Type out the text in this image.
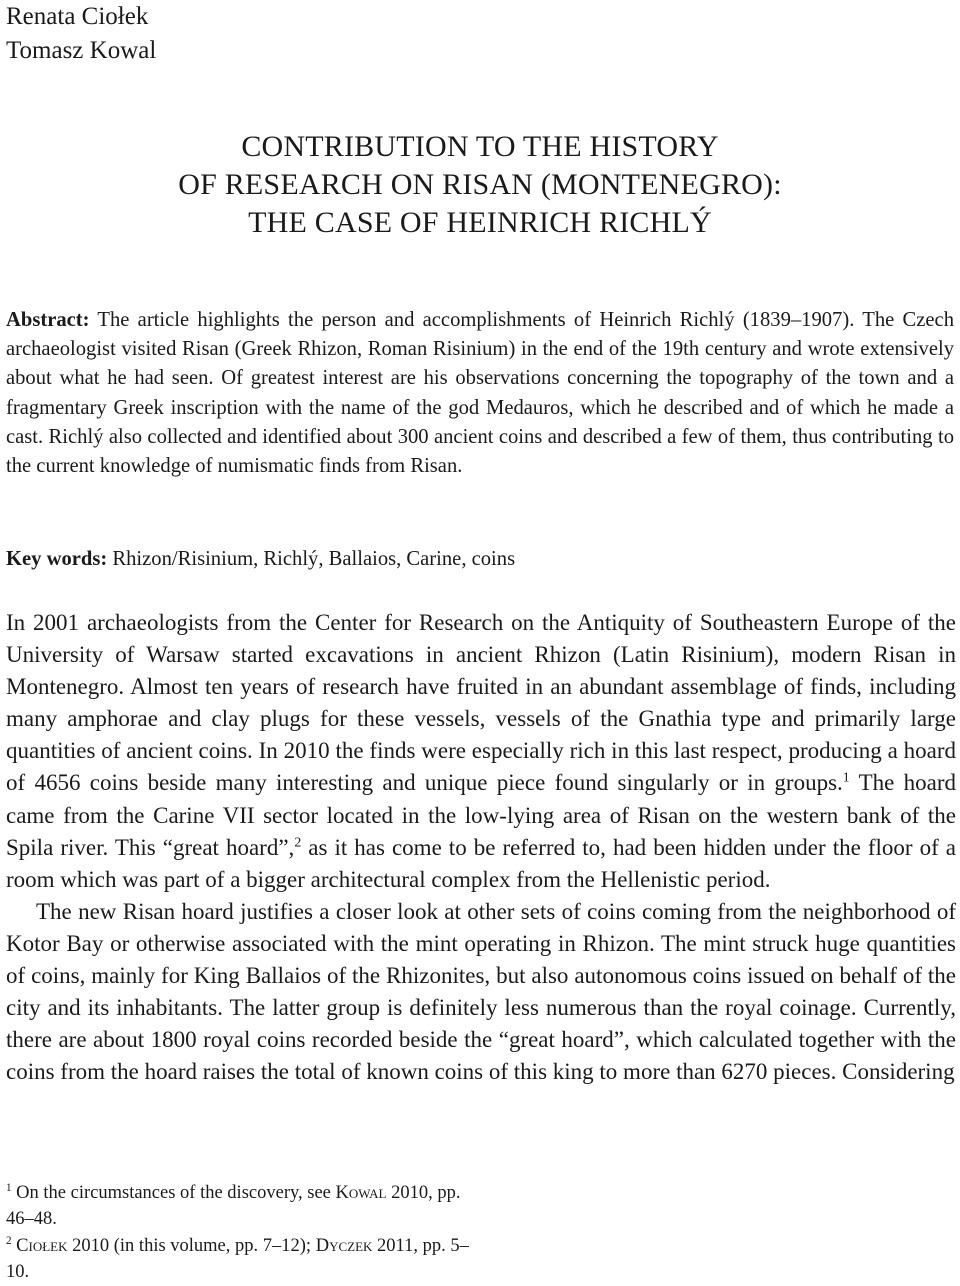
Renata Ciołek
Tomasz Kowal
CONTRIBUTION TO THE HISTORY
OF RESEARCH ON RISAN (MONTENEGRO):
THE CASE OF HEINRICH RICHLÝ
Abstract: The article highlights the person and accomplishments of Heinrich Richlý (1839–1907). The Czech archaeologist visited Risan (Greek Rhizon, Roman Risinium) in the end of the 19th century and wrote extensively about what he had seen. Of greatest interest are his observations concerning the topography of the town and a fragmentary Greek inscription with the name of the god Medauros, which he described and of which he made a cast. Richlý also collected and identified about 300 ancient coins and described a few of them, thus contributing to the current knowledge of numismatic finds from Risan.
Key words: Rhizon/Risinium, Richlý, Ballaios, Carine, coins

In 2001 archaeologists from the Center for Research on the Antiquity of Southeastern Europe of the University of Warsaw started excavations in ancient Rhizon (Latin Risinium), modern Risan in Montenegro. Almost ten years of research have fruited in an abundant assemblage of finds, including many amphorae and clay plugs for these vessels, vessels of the Gnathia type and primarily large quantities of ancient coins. In 2010 the finds were especially rich in this last respect, producing a hoard of 4656 coins beside many interesting and unique piece found singularly or in groups.$^1$ The hoard came from the Carine VII sector located in the low-lying area of Risan on the western bank of the Spila river. This “great hoard”,$^2$ as it has come to be referred to, had been hidden under the floor of a room which was part of a bigger architectural complex from the Hellenistic period.

The new Risan hoard justifies a closer look at other sets of coins coming from the neighborhood of Kotor Bay or otherwise associated with the mint operating in Rhizon. The mint struck huge quantities of coins, mainly for King Ballaios of the Rhizonites, but also autonomous coins issued on behalf of the city and its inhabitants. The latter group is definitely less numerous than the royal coinage. Currently, there are about 1800 royal coins recorded beside the “great hoard”, which calculated together with the coins from the hoard raises the total of known coins of this king to more than 6270 pieces. Considering

$^1$ On the circumstances of the discovery, see Kowal 2010, pp. 46–48.

$^2$ Ciołek 2010 (in this volume, pp. 7–12); Dyczek 2011, pp. 5–10.
